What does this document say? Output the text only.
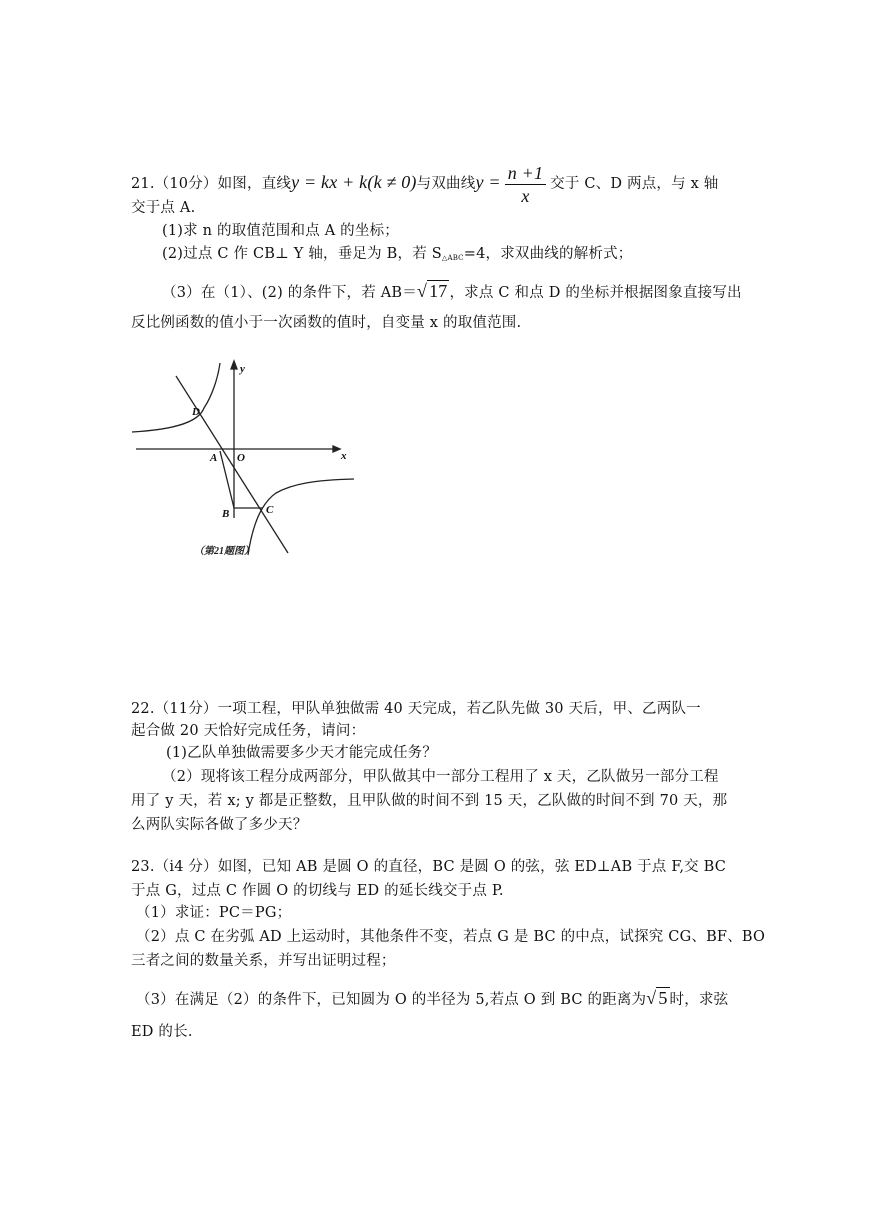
21.（10分）如图，直线y = kx + k(k ≠ 0)与双曲线$y = \frac{n +1}{x}$ 交于 C、D 两点，与 x 轴
交于点 A.
(1)求 n 的取值范围和点 A 的坐标；
(2)过点 C 作 CB⊥ Y 轴，垂足为 B，若 $S_{\triangle ABC}=4$，求双曲线的解析式；
（3）在（1）、(2) 的条件下，若 AB＝√ 17 ，求点 C 和点 D 的坐标并根据图象直接写出
反比例函数的值小于一次函数的值时，自变量 x 的取值范围.
y
x
O
A
B	C
D
（第21题图）
22.（11分）一项工程，甲队单独做需 40 天完成，若乙队先做 30 天后，甲、乙两队一
起合做 20 天恰好完成任务，请问：
(1)乙队单独做需要多少天才能完成任务？
（2）现将该工程分成两部分，甲队做其中一部分工程用了 x 天，乙队做另一部分工程
用了 y 天，若 x; y 都是正整数，且甲队做的时间不到 15 天，乙队做的时间不到 70 天，那
么两队实际各做了多少天？
23.（i4 分）如图，已知 AB 是圆 O 的直径，BC 是圆 O 的弦，弦 ED⊥AB 于点 F,交 BC
于点 G，过点 C 作圆 O 的切线与 ED 的延长线交于点 P.
（1）求证：PC＝PG；
（2）点 C 在劣弧 AD 上运动时，其他条件不变，若点 G 是 BC 的中点，试探究 CG、BF、BO
三者之间的数量关系，并写出证明过程；
（3）在满足（2）的条件下，已知圆为 O 的半径为 5,若点 O 到 BC 的距离为√ 5 时，求弦
ED 的长.
